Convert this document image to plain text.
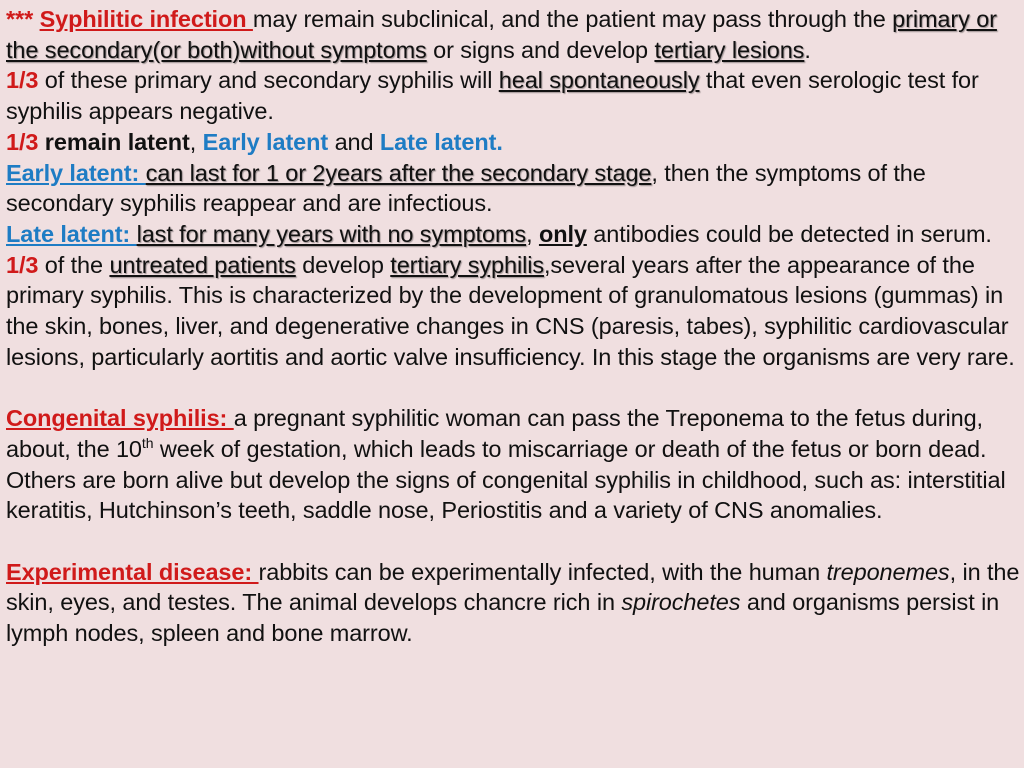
*** Syphilitic infection may remain subclinical, and the patient may pass through the primary or the secondary(or both)without symptoms or signs and develop tertiary lesions.
1/3 of these primary and secondary syphilis will heal spontaneously that even serologic test for syphilis appears negative.
1/3 remain latent, Early latent and Late latent.
Early latent: can last for 1 or 2years after the secondary stage, then the symptoms of the secondary syphilis reappear and are infectious.
Late latent: last for many years with no symptoms, only antibodies could be detected in serum.
1/3 of the untreated patients develop tertiary syphilis,several years after the appearance of the primary syphilis. This is characterized by the development of granulomatous lesions (gummas) in the skin, bones, liver, and degenerative changes in CNS (paresis, tabes), syphilitic cardiovascular lesions, particularly aortitis and aortic valve insufficiency. In this stage the organisms are very rare.
Congenital syphilis: a pregnant syphilitic woman can pass the Treponema to the fetus during, about, the 10th week of gestation, which leads to miscarriage or death of the fetus or born dead. Others are born alive but develop the signs of congenital syphilis in childhood, such as: interstitial keratitis, Hutchinson’s teeth, saddle nose, Periostitis and a variety of CNS anomalies.
Experimental disease: rabbits can be experimentally infected, with the human treponemes, in the skin, eyes, and testes. The animal develops chancre rich in spirochetes and organisms persist in lymph nodes, spleen and bone marrow.
